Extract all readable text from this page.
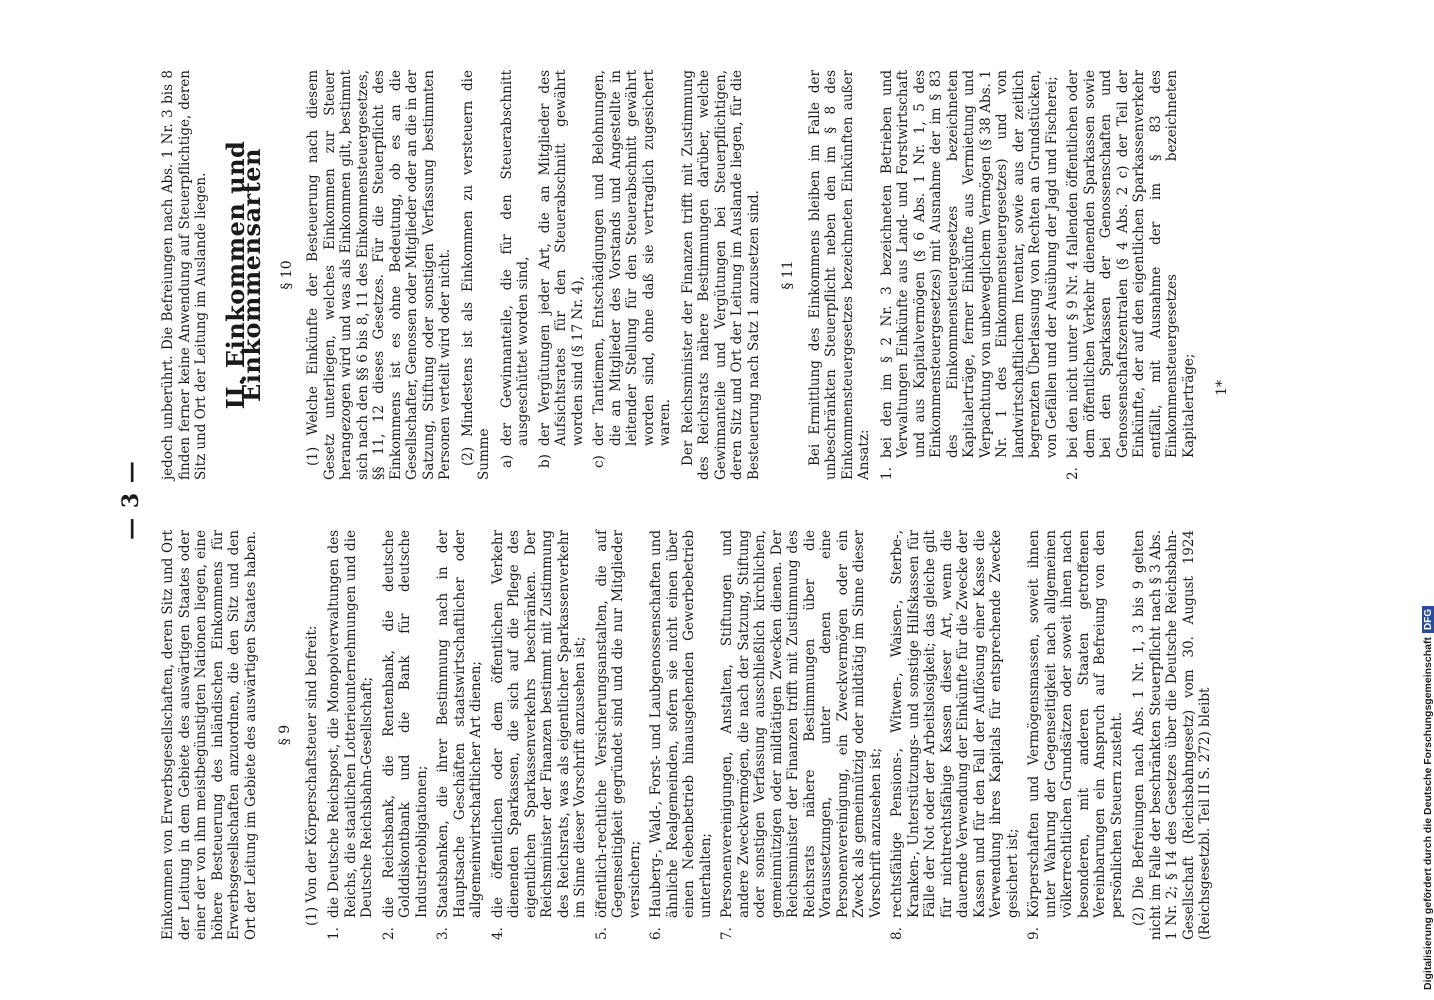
— 3 —

Einkommen von Erwerbsgesellschaften, deren Sitz und Ort der Leitung in dem Gebiete des auswärtigen Staates oder einer der von ihm meistbegünstigten Nationen liegen, eine höhere Besteuerung des inländischen Einkommens für Erwerbsgesellschaften anzuordnen, die den Sitz und den Ort der Leitung im Gebiete des auswärtigen Staates haben. § 9 (1) Von der Körperschaftsteuer sind befreit:

1.
die Deutsche Reichspost, die Monopolverwaltungen des Reichs, die staatlichen Lotterieunternehmungen und die Deutsche Reichsbahn-Gesellschaft;
2.
die Reichsbank, die Rentenbank, die deutsche Golddiskontbank und die Bank für deutsche Industrieobligationen;
3.
Staatsbanken, die ihrer Bestimmung nach in der Hauptsache Geschäften staatswirtschaftlicher oder allgemeinwirtschaftlicher Art dienen;
4.
die öffentlichen oder dem öffentlichen Verkehr dienenden Sparkassen, die sich auf die Pflege des eigentlichen Sparkassenverkehrs beschränken. Der Reichsminister der Finanzen bestimmt mit Zustimmung des Reichsrats, was als eigentlicher Sparkassenverkehr im Sinne dieser Vorschrift anzusehen ist;
5.
öffentlich-rechtliche Versicherungsanstalten, die auf Gegenseitigkeit gegründet sind und die nur Mitglieder versichern;
6.
Hauberg-, Wald-, Forst- und Laubgenossenschaften und ähnliche Realgemeinden, sofern sie nicht einen über einen Nebenbetrieb hinausgehenden Gewerbebetrieb unterhalten;
7.
Personenvereinigungen, Anstalten, Stiftungen und andere Zweckvermögen, die nach der Satzung, Stiftung oder sonstigen Verfassung ausschließlich kirchlichen, gemeinnützigen oder mildtätigen Zwecken dienen. Der Reichsminister der Finanzen trifft mit Zustimmung des Reichsrats nähere Bestimmungen über die Voraussetzungen, unter denen eine Personenvereinigung, ein Zweckvermögen oder ein Zweck als gemeinnützig oder mildtätig im Sinne dieser Vorschrift anzusehen ist;
8.
rechtsfähige Pensions-, Witwen-, Waisen-, Sterbe-, Kranken-, Unterstützungs- und sonstige Hilfskassen für Fälle der Not oder der Arbeitslosigkeit; das gleiche gilt für nichtrechtsfähige Kassen dieser Art, wenn die dauernde Verwendung der Einkünfte für die Zwecke der Kassen und für den Fall der Auflösung einer Kasse die Verwendung ihres Kapitals für entsprechende Zwecke gesichert ist;
9.
Körperschaften und Vermögensmassen, soweit ihnen unter Wahrung der Gegenseitigkeit nach allgemeinen völkerrechtlichen Grundsätzen oder soweit ihnen nach besonderen, mit anderen Staaten getroffenen Vereinbarungen ein Anspruch auf Befreiung von den persönlichen Steuern zusteht. (2) Die Befreiungen nach Abs. 1 Nr. 1, 3 bis 9 gelten nicht im Falle der beschränkten Steuerpflicht nach § 3 Abs. 1 Nr. 2; § 14 des Gesetzes über die Deutsche Reichsbahn-Gesellschaft (Reichsbahngesetz) vom 30. August 1924 (Reichsgesetzbl. Teil II S. 272) bleibt

jedoch unberührt. Die Befreiungen nach Abs. 1 Nr. 3 bis 8 finden ferner keine Anwendung auf Steuerpflichtige, deren Sitz und Ort der Leitung im Auslande liegen. II. Einkommen und Einkommensarten § 10 (1) Welche Einkünfte der Besteuerung nach diesem Gesetz unterliegen, welches Einkommen zur Steuer herangezogen wird und was als Einkommen gilt, bestimmt sich nach den §§ 6 bis 8, 11 des Einkommensteuergesetzes, §§ 11, 12 dieses Gesetzes. Für die Steuerpflicht des Einkommens ist es ohne Bedeutung, ob es an die Gesellschafter, Genossen oder Mitglieder oder an die in der Satzung, Stiftung oder sonstigen Verfassung bestimmten Personen verteilt wird oder nicht. (2) Mindestens ist als Einkommen zu versteuern die Summe a)
der Gewinnanteile, die für den Steuerabschnitt ausgeschüttet worden sind,
b)
der Vergütungen jeder Art, die an Mitglieder des Aufsichtsrates für den Steuerabschnitt gewährt worden sind (§ 17 Nr. 4),
c)
der Tantiemen, Entschädigungen und Belohnungen, die an Mitglieder des Vorstands und Angestellte in leitender Stellung für den Steuerabschnitt gewährt worden sind, ohne daß sie vertraglich zugesichert waren. Der Reichsminister der Finanzen trifft mit Zustimmung des Reichsrats nähere Bestimmungen darüber, welche Gewinnanteile und Vergütungen bei Steuerpflichtigen, deren Sitz und Ort der Leitung im Auslande liegen, für die Besteuerung nach Satz 1 anzusetzen sind. § 11 Bei Ermittlung des Einkommens bleiben im Falle der unbeschränkten Steuerpflicht neben den im § 8 des Einkommensteuergesetzes bezeichneten Einkünften außer Ansatz: 1.
bei den im § 2 Nr. 3 bezeichneten Betrieben und Verwaltungen Einkünfte aus Land- und Forstwirtschaft und aus Kapitalvermögen (§ 6 Abs. 1 Nr. 1, 5 des Einkommensteuergesetzes) mit Ausnahme der im § 83 des Einkommensteuergesetzes bezeichneten Kapitalerträge, ferner Einkünfte aus Vermietung und Verpachtung von unbeweglichem Vermögen (§ 38 Abs. 1 Nr. 1 des Einkommensteuergesetzes) und von landwirtschaftlichem Inventar, sowie aus der zeitlich begrenzten Überlassung von Rechten an Grundstücken, von Gefällen und der Ausübung der Jagd und Fischerei;
2.
bei den nicht unter § 9 Nr. 4 fallenden öffentlichen oder dem öffentlichen Verkehr dienenden Sparkassen sowie bei den Sparkassen der Genossenschaften und Genossenschaftszentralen (§ 4 Abs. 2 c) der Teil der Einkünfte, der auf den eigentlichen Sparkassenverkehr entfällt, mit Ausnahme der im § 83 des Einkommensteuergesetzes bezeichneten Kapitalerträge; 1*
Digitalisierung gefördert durch die Deutsche ForschungsgemeinschaftDFG
